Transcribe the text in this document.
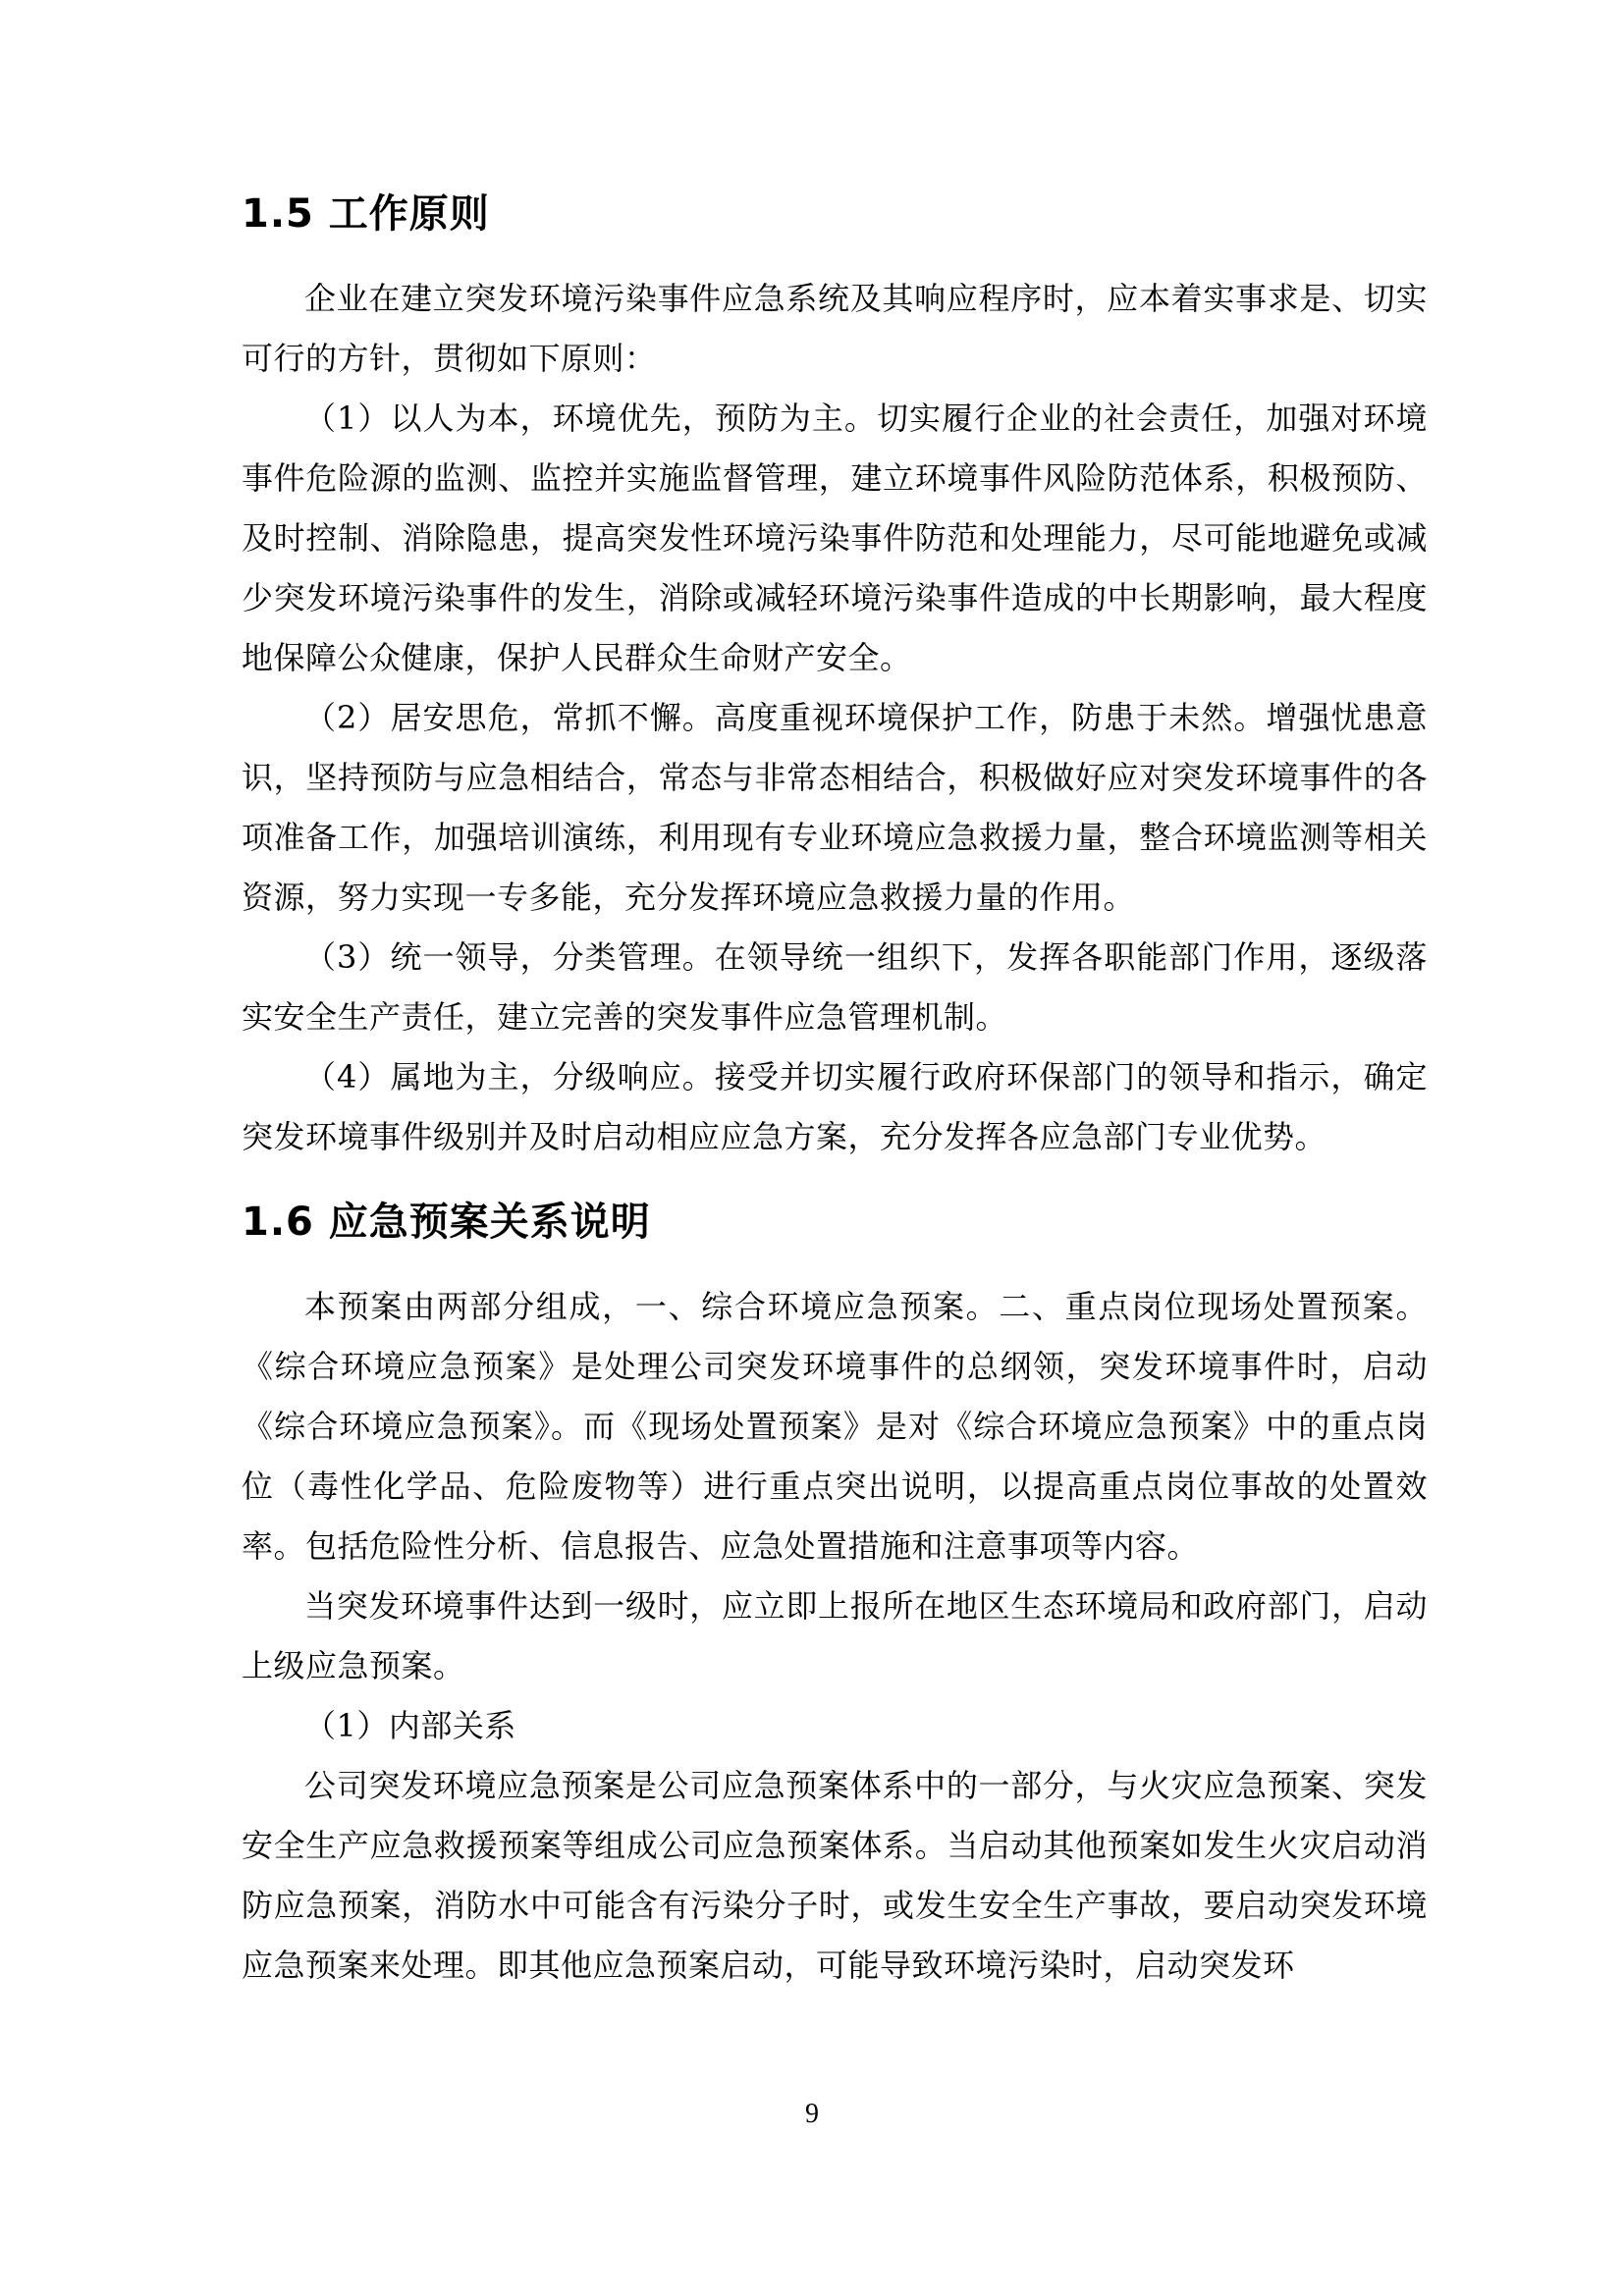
1.5 工作原则

企业在建立突发环境污染事件应急系统及其响应程序时，应本着实事求是、切实可行的方针，贯彻如下原则：

（1）以人为本，环境优先，预防为主。切实履行企业的社会责任，加强对环境事件危险源的监测、监控并实施监督管理，建立环境事件风险防范体系，积极预防、及时控制、消除隐患，提高突发性环境污染事件防范和处理能力，尽可能地避免或减少突发环境污染事件的发生，消除或减轻环境污染事件造成的中长期影响，最大程度地保障公众健康，保护人民群众生命财产安全。

（2）居安思危，常抓不懈。高度重视环境保护工作，防患于未然。增强忧患意识，坚持预防与应急相结合，常态与非常态相结合，积极做好应对突发环境事件的各项准备工作，加强培训演练，利用现有专业环境应急救援力量，整合环境监测等相关资源，努力实现一专多能，充分发挥环境应急救援力量的作用。

（3）统一领导，分类管理。在领导统一组织下，发挥各职能部门作用，逐级落实安全生产责任，建立完善的突发事件应急管理机制。

（4）属地为主，分级响应。接受并切实履行政府环保部门的领导和指示，确定突发环境事件级别并及时启动相应应急方案，充分发挥各应急部门专业优势。

1.6 应急预案关系说明

本预案由两部分组成，一、综合环境应急预案。二、重点岗位现场处置预案。《综合环境应急预案》是处理公司突发环境事件的总纲领，突发环境事件时，启动《综合环境应急预案》。而《现场处置预案》是对《综合环境应急预案》中的重点岗位（毒性化学品、危险废物等）进行重点突出说明，以提高重点岗位事故的处置效率。包括危险性分析、信息报告、应急处置措施和注意事项等内容。

当突发环境事件达到一级时，应立即上报所在地区生态环境局和政府部门，启动上级应急预案。

（1）内部关系

公司突发环境应急预案是公司应急预案体系中的一部分，与火灾应急预案、突发安全生产应急救援预案等组成公司应急预案体系。当启动其他预案如发生火灾启动消防应急预案，消防水中可能含有污染分子时，或发生安全生产事故，要启动突发环境应急预案来处理。即其他应急预案启动，可能导致环境污染时，启动突发环

9
